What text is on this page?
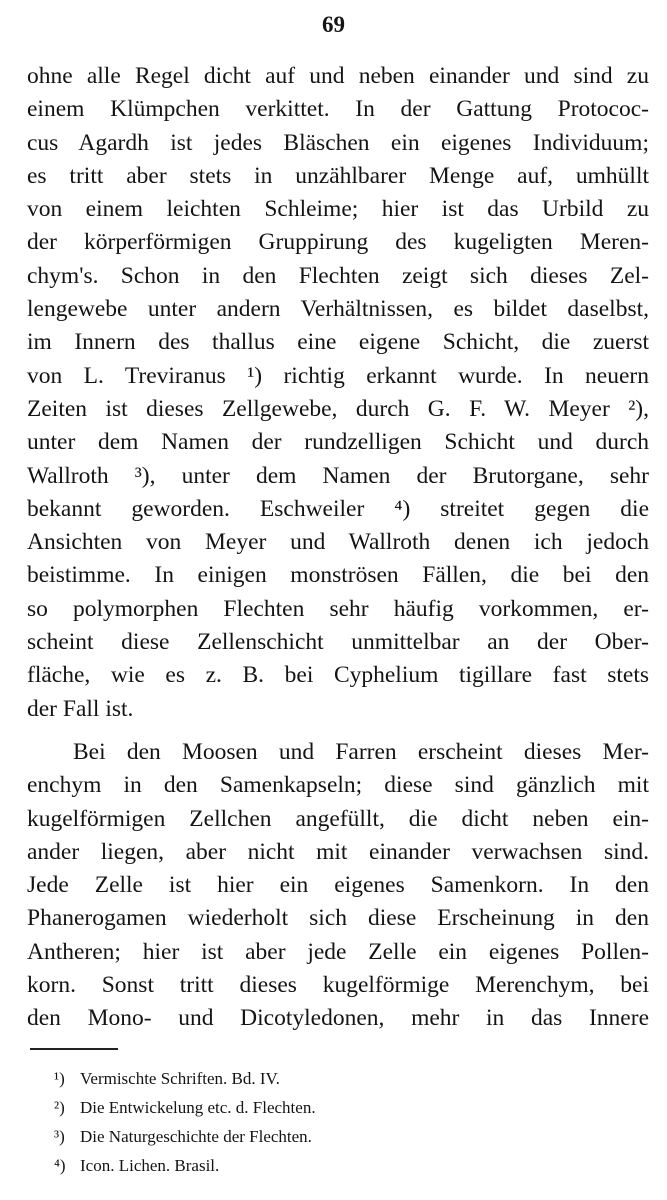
69
ohne alle Regel dicht auf und neben einander und sind zu
einem Klümpchen verkittet. In der Gattung Protococ-
cus Agardh ist jedes Bläschen ein eigenes Individuum;
es tritt aber stets in unzählbarer Menge auf, umhüllt
von einem leichten Schleime; hier ist das Urbild zu
der körperförmigen Gruppirung des kugeligten Meren-
chym's. Schon in den Flechten zeigt sich dieses Zel-
lengewebe unter andern Verhältnissen, es bildet daselbst,
im Innern des thallus eine eigene Schicht, die zuerst
von L. Treviranus ¹) richtig erkannt wurde. In neuern
Zeiten ist dieses Zellgewebe, durch G. F. W. Meyer ²),
unter dem Namen der rundzelligen Schicht und durch
Wallroth ³), unter dem Namen der Brutorgane, sehr
bekannt geworden. Eschweiler ⁴) streitet gegen die
Ansichten von Meyer und Wallroth denen ich jedoch
beistimme. In einigen monströsen Fällen, die bei den
so polymorphen Flechten sehr häufig vorkommen, er-
scheint diese Zellenschicht unmittelbar an der Ober-
fläche, wie es z. B. bei Cyphelium tigillare fast stets
der Fall ist.
Bei den Moosen und Farren erscheint dieses Mer-
enchym in den Samenkapseln; diese sind gänzlich mit
kugelförmigen Zellchen angefüllt, die dicht neben ein-
ander liegen, aber nicht mit einander verwachsen sind.
Jede Zelle ist hier ein eigenes Samenkorn. In den
Phanerogamen wiederholt sich diese Erscheinung in den
Antheren; hier ist aber jede Zelle ein eigenes Pollen-
korn. Sonst tritt dieses kugelförmige Merenchym, bei
den Mono- und Dicotyledonen, mehr in das Innere
¹) Vermischte Schriften. Bd. IV.
²) Die Entwickelung etc. d. Flechten.
³) Die Naturgeschichte der Flechten.
⁴) Icon. Lichen. Brasil.
